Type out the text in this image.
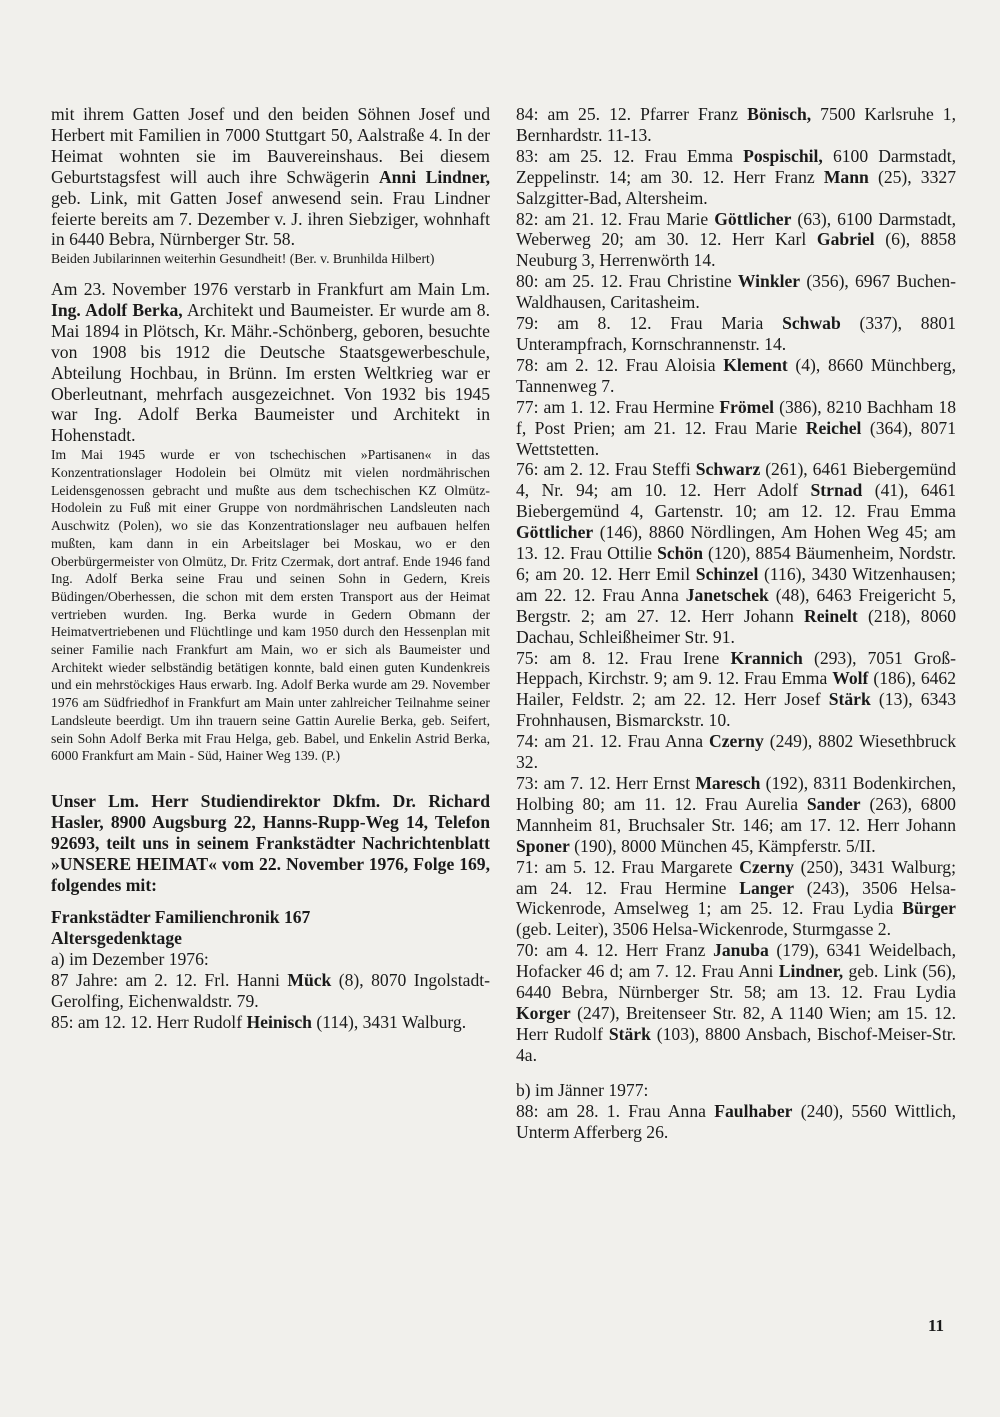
mit ihrem Gatten Josef und den beiden Söhnen Josef und Herbert mit Familien in 7000 Stuttgart 50, Aalstraße 4. In der Heimat wohnten sie im Bauvereinshaus. Bei diesem Geburtstagsfest will auch ihre Schwägerin Anni Lindner, geb. Link, mit Gatten Josef anwesend sein. Frau Lindner feierte bereits am 7. Dezember v. J. ihren Siebziger, wohnhaft in 6440 Bebra, Nürnberger Str. 58.

Beiden Jubilarinnen weiterhin Gesundheit! (Ber. v. Brunhilda Hilbert)

Am 23. November 1976 verstarb in Frankfurt am Main Lm. Ing. Adolf Berka, Architekt und Baumeister. Er wurde am 8. Mai 1894 in Plötsch, Kr. Mähr.-Schönberg, geboren, besuchte von 1908 bis 1912 die Deutsche Staatsgewerbeschule, Abteilung Hochbau, in Brünn. Im ersten Weltkrieg war er Oberleutnant, mehrfach ausgezeichnet. Von 1932 bis 1945 war Ing. Adolf Berka Baumeister und Architekt in Hohenstadt.

Im Mai 1945 wurde er von tschechischen »Partisanen« in das Konzentrationslager Hodolein bei Olmütz mit vielen nordmährischen Leidensgenossen gebracht und mußte aus dem tschechischen KZ Olmütz-Hodolein zu Fuß mit einer Gruppe von nordmährischen Landsleuten nach Auschwitz (Polen), wo sie das Konzentrationslager neu aufbauen helfen mußten, kam dann in ein Arbeitslager bei Moskau, wo er den Oberbürgermeister von Olmütz, Dr. Fritz Czermak, dort antraf. Ende 1946 fand Ing. Adolf Berka seine Frau und seinen Sohn in Gedern, Kreis Büdingen/Oberhessen, die schon mit dem ersten Transport aus der Heimat vertrieben wurden. Ing. Berka wurde in Gedern Obmann der Heimatvertriebenen und Flüchtlinge und kam 1950 durch den Hessenplan mit seiner Familie nach Frankfurt am Main, wo er sich als Baumeister und Architekt wieder selbständig betätigen konnte, bald einen guten Kundenkreis und ein mehrstöckiges Haus erwarb. Ing. Adolf Berka wurde am 29. November 1976 am Südfriedhof in Frankfurt am Main unter zahlreicher Teilnahme seiner Landsleute beerdigt. Um ihn trauern seine Gattin Aurelie Berka, geb. Seifert, sein Sohn Adolf Berka mit Frau Helga, geb. Babel, und Enkelin Astrid Berka, 6000 Frankfurt am Main - Süd, Hainer Weg 139. (P.)

Unser Lm. Herr Studiendirektor Dkfm. Dr. Richard Hasler, 8900 Augsburg 22, Hanns-Rupp-Weg 14, Telefon 92693, teilt uns in seinem Frankstädter Nachrichtenblatt »UNSERE HEIMAT« vom 22. November 1976, Folge 169, folgendes mit:

Frankstädter Familienchronik 167

Altersgedenktage

a) im Dezember 1976:

87 Jahre: am 2. 12. Frl. Hanni Mück (8), 8070 Ingolstadt-Gerolfing, Eichenwaldstr. 79.

85: am 12. 12. Herr Rudolf Heinisch (114), 3431 Walburg.

84: am 25. 12. Pfarrer Franz Bönisch, 7500 Karlsruhe 1, Bernhardstr. 11-13.

83: am 25. 12. Frau Emma Pospischil, 6100 Darmstadt, Zeppelinstr. 14; am 30. 12. Herr Franz Mann (25), 3327 Salzgitter-Bad, Altersheim.

82: am 21. 12. Frau Marie Göttlicher (63), 6100 Darmstadt, Weberweg 20; am 30. 12. Herr Karl Gabriel (6), 8858 Neuburg 3, Herrenwörth 14.

80: am 25. 12. Frau Christine Winkler (356), 6967 Buchen-Waldhausen, Caritasheim.

79: am 8. 12. Frau Maria Schwab (337), 8801 Unterampfrach, Kornschrannenstr. 14.

78: am 2. 12. Frau Aloisia Klement (4), 8660 Münchberg, Tannenweg 7.

77: am 1. 12. Frau Hermine Frömel (386), 8210 Bachham 18 f, Post Prien; am 21. 12. Frau Marie Reichel (364), 8071 Wettstetten.

76: am 2. 12. Frau Steffi Schwarz (261), 6461 Biebergemünd 4, Nr. 94; am 10. 12. Herr Adolf Strnad (41), 6461 Biebergemünd 4, Gartenstr. 10; am 12. 12. Frau Emma Göttlicher (146), 8860 Nördlingen, Am Hohen Weg 45; am 13. 12. Frau Ottilie Schön (120), 8854 Bäumenheim, Nordstr. 6; am 20. 12. Herr Emil Schinzel (116), 3430 Witzenhausen; am 22. 12. Frau Anna Janetschek (48), 6463 Freigericht 5, Bergstr. 2; am 27. 12. Herr Johann Reinelt (218), 8060 Dachau, Schleißheimer Str. 91.

75: am 8. 12. Frau Irene Krannich (293), 7051 Groß-Heppach, Kirchstr. 9; am 9. 12. Frau Emma Wolf (186), 6462 Hailer, Feldstr. 2; am 22. 12. Herr Josef Stärk (13), 6343 Frohnhausen, Bismarckstr. 10.

74: am 21. 12. Frau Anna Czerny (249), 8802 Wiesethbruck 32.

73: am 7. 12. Herr Ernst Maresch (192), 8311 Bodenkirchen, Holbing 80; am 11. 12. Frau Aurelia Sander (263), 6800 Mannheim 81, Bruchsaler Str. 146; am 17. 12. Herr Johann Sponer (190), 8000 München 45, Kämpferstr. 5/II.

71: am 5. 12. Frau Margarete Czerny (250), 3431 Walburg; am 24. 12. Frau Hermine Langer (243), 3506 Helsa-Wickenrode, Amselweg 1; am 25. 12. Frau Lydia Bürger (geb. Leiter), 3506 Helsa-Wickenrode, Sturmgasse 2.

70: am 4. 12. Herr Franz Januba (179), 6341 Weidelbach, Hofacker 46 d; am 7. 12. Frau Anni Lindner, geb. Link (56), 6440 Bebra, Nürnberger Str. 58; am 13. 12. Frau Lydia Korger (247), Breitenseer Str. 82, A 1140 Wien; am 15. 12. Herr Rudolf Stärk (103), 8800 Ansbach, Bischof-Meiser-Str. 4a.

b) im Jänner 1977:

88: am 28. 1. Frau Anna Faulhaber (240), 5560 Wittlich, Unterm Afferberg 26.

11
